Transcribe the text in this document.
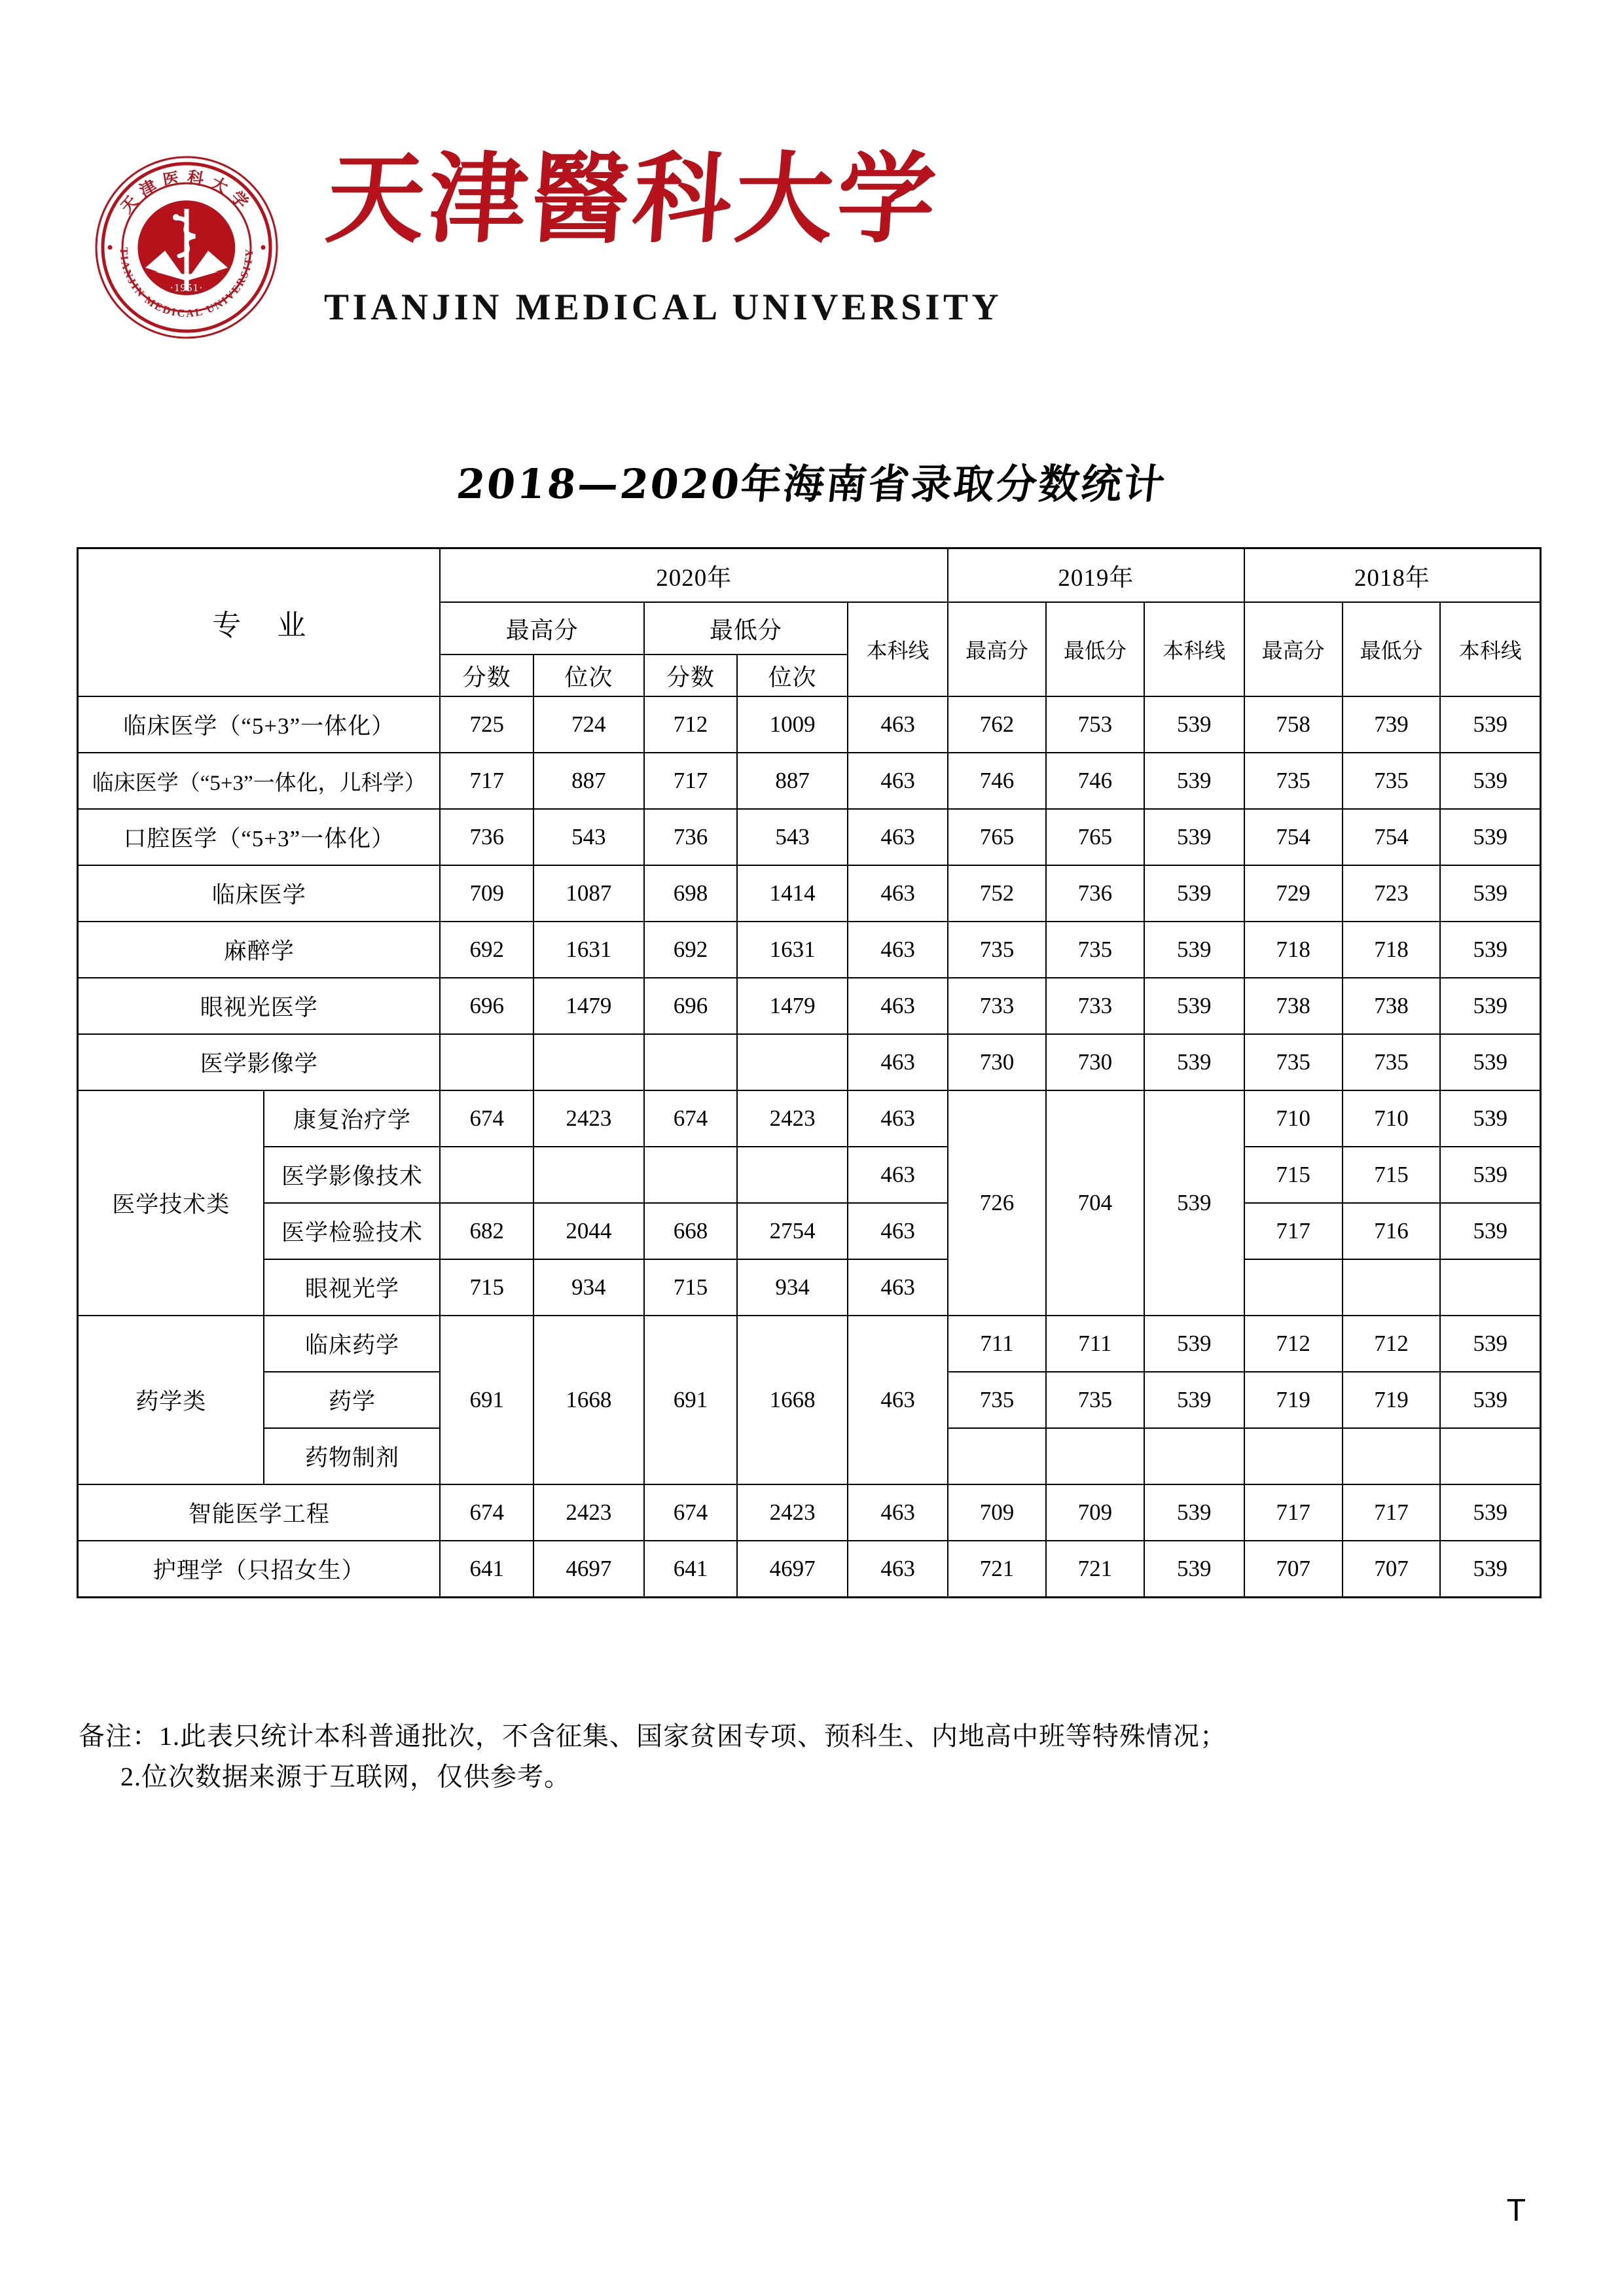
·1951·
TIANJIN MEDICAL UNIVERSITY
天津医科大学 天津醫科大学
TIANJIN MEDICAL UNIVERSITY
2018—2020年海南省录取分数统计
专 业		2020年					2019年			2018年		
		最高分		最低分		本科线	最高分	最低分	本科线	最高分	最低分	本科线
		分数	位次	分数	位次							
临床医学（“5+3”一体化）		725	724	712	1009	463	762	753	539	758	739	539
临床医学（“5+3”一体化，儿科学）		717	887	717	887	463	746	746	539	735	735	539
口腔医学（“5+3”一体化）		736	543	736	543	463	765	765	539	754	754	539
临床医学		709	1087	698	1414	463	752	736	539	729	723	539
麻醉学		692	1631	692	1631	463	735	735	539	718	718	539
眼视光医学		696	1479	696	1479	463	733	733	539	738	738	539
医学影像学						463	730	730	539	735	735	539
医学技术类	康复治疗学	674	2423	674	2423	463	726	704	539	710	710	539
	医学影像技术					463				715	715	539
	医学检验技术	682	2044	668	2754	463				717	716	539
	眼视光学	715	934	715	934	463						
药学类	临床药学	691	1668	691	1668	463	711	711	539	712	712	539
	药学						735	735	539	719	719	539
	药物制剂											
智能医学工程		674	2423	674	2423	463	709	709	539	717	717	539
护理学（只招女生）		641	4697	641	4697	463	721	721	539	707	707	539
备注：1.此表只统计本科普通批次，不含征集、国家贫困专项、预科生、内地高中班等特殊情况；
2.位次数据来源于互联网，仅供参考。
T
